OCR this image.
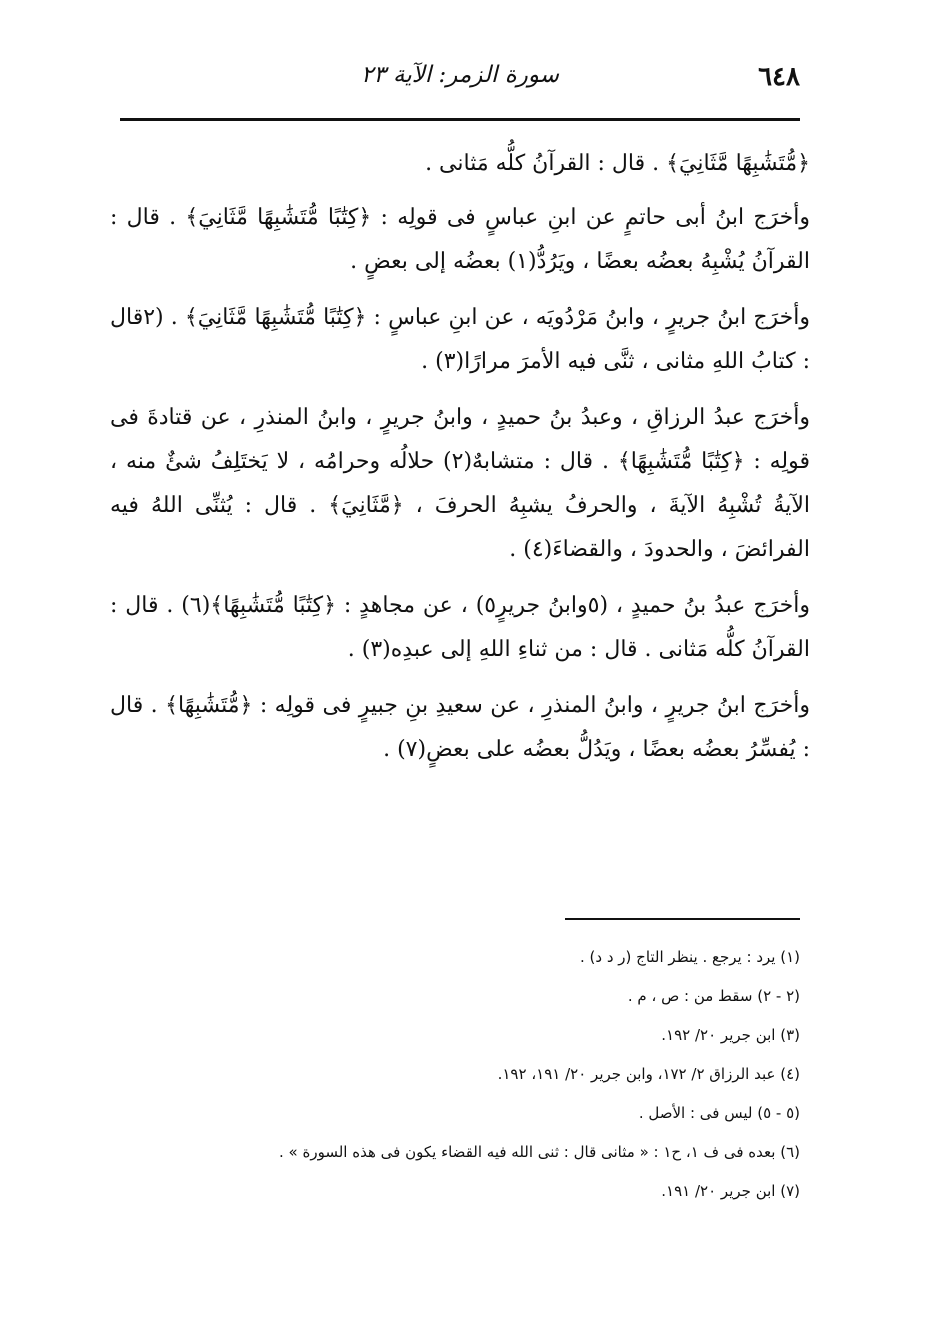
٦٤٨
سورة الزمر: الآية ٢٣

﴿مُّتَشَٰبِهًا مَّثَانِيَ﴾ . قال : القرآنُ كلُّه مَثانى .

وأخرَج ابنُ أبى حاتمٍ عن ابنِ عباسٍ فى قولِه : ﴿كِتَٰبًا مُّتَشَٰبِهًا مَّثَانِيَ﴾ . قال : القرآنُ يُشْبِهُ بعضُه بعضًا ، ويَرُدُّ(١) بعضُه إلى بعضٍ .

وأخرَج ابنُ جريرٍ ، وابنُ مَرْدُويَه ، عن ابنِ عباسٍ : ﴿كِتَٰبًا مُّتَشَٰبِهًا مَّثَانِيَ﴾ . (٢قال : كتابُ اللهِ مثانى ، ثنَّى فيه الأمرَ مرارًا(٣) .

وأخرَج عبدُ الرزاقِ ، وعبدُ بنُ حميدٍ ، وابنُ جريرٍ ، وابنُ المنذرِ ، عن قتادةَ فى قولِه : ﴿كِتَٰبًا مُّتَشَٰبِهًا﴾ . قال : متشابهٌ(٢) حلالُه وحرامُه ، لا يَختَلِفُ شئٌ منه ، الآيةُ تُشْبِهُ الآيةَ ، والحرفُ يشبِهُ الحرفَ ، ﴿مَّثَانِيَ﴾ . قال : يُثنِّى اللهُ فيه الفرائضَ ، والحدودَ ، والقضاءَ(٤) .

وأخرَج عبدُ بنُ حميدٍ ، (٥وابنُ جريرٍ٥) ، عن مجاهدٍ : ﴿كِتَٰبًا مُّتَشَٰبِهًا﴾(٦) . قال : القرآنُ كلُّه مَثانى . قال : من ثناءِ اللهِ إلى عبدِه(٣) .

وأخرَج ابنُ جريرٍ ، وابنُ المنذرِ ، عن سعيدِ بنِ جبيرٍ فى قولِه : ﴿مُّتَشَٰبِهًا﴾ . قال : يُفسِّرُ بعضُه بعضًا ، ويَدُلُّ بعضُه على بعضٍ(٧) .

(١) يرد : يرجع . ينظر التاج (ر د د) .
(٢ - ٢) سقط من : ص ، م .
(٣) ابن جرير ٢٠/ ١٩٢.
(٤) عبد الرزاق ٢/ ١٧٢، وابن جرير ٢٠/ ١٩١، ١٩٢.
(٥ - ٥) ليس فى : الأصل .
(٦) بعده فى ف ١، ح١ : « مثانى قال : ثنى الله فيه القضاء يكون فى هذه السورة » .
(٧) ابن جرير ٢٠/ ١٩١.
